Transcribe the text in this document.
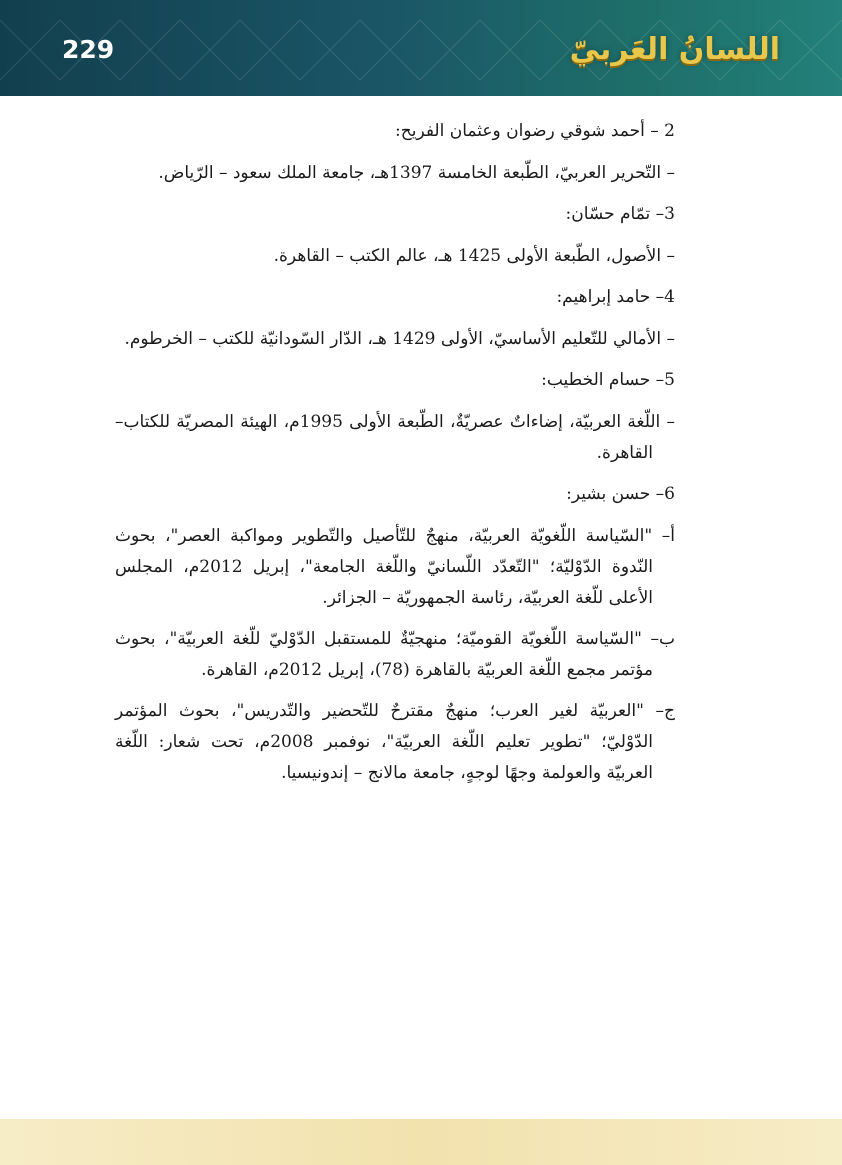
229	اللسانُ العَربيّ

2 – أحمد شوقي رضوان وعثمان الفريح:

– التّحرير العربيّ، الطّبعة الخامسة 1397هـ، جامعة الملك سعود – الرّياض.

3– تمّام حسّان:

– الأصول، الطّبعة الأولى 1425 هـ، عالم الكتب – القاهرة.

4– حامد إبراهيم:

– الأمالي للتّعليم الأساسيّ، الأولى 1429 هـ، الدّار السّودانيّة للكتب – الخرطوم.

5– حسام الخطيب:

– اللّغة العربيّة، إضاءاتٌ عصريّةٌ، الطّبعة الأولى 1995م، الهيئة المصريّة للكتاب– القاهرة.

6– حسن بشير:

أ– "السّياسة اللّغويّة العربيّة، منهجٌ للتّأصيل والتّطوير ومواكبة العصر"، بحوث النّدوة الدّوْليّة؛ "التّعدّد اللّسانيّ واللّغة الجامعة"، إبريل 2012م، المجلس الأعلى للّغة العربيّة، رئاسة الجمهوريّة – الجزائر.

ب– "السّياسة اللّغويّة القوميّة؛ منهجيّةٌ للمستقبل الدّوْليّ للّغة العربيّة"، بحوث مؤتمر مجمع اللّغة العربيّة بالقاهرة (78)، إبريل 2012م، القاهرة.

ج– "العربيّة لغير العرب؛ منهجٌ مقترحٌ للتّحضير والتّدريس"، بحوث المؤتمر الدّوْليّ؛ "تطوير تعليم اللّغة العربيّة"، نوفمبر 2008م، تحت شعار: اللّغة العربيّة والعولمة وجهًا لوجهٍ، جامعة مالانج – إندونيسيا.
